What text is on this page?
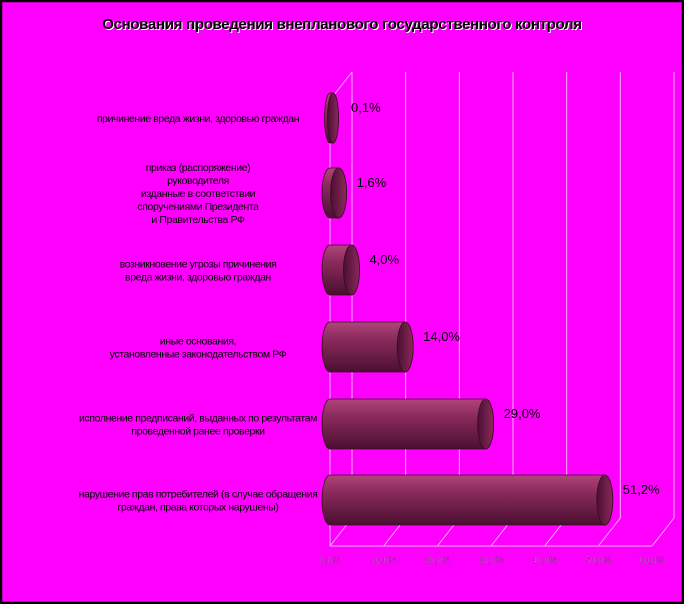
Основания проведения внепланового государственного контроля
0,0%	10,0%	20,0%	30,0%	40,0%	50,0%	60,0%
0,1%
причинение вреда жизни, здоровью граждан
1,6%
приказ (распоряжение)
руководителя
изданные в соответствии
споручениями Президента
и Правительства РФ
4,0%
возникновение угрозы причинения
вреда жизни, здоровью граждан
14,0%
иные основания,
установленные законодательством РФ
29,0%
исполнение предписаний, выданных по результатам
проведенной ранее проверки
51,2%
нарушение прав потребителей (в случае обращения
граждан, права которых нарушены)
